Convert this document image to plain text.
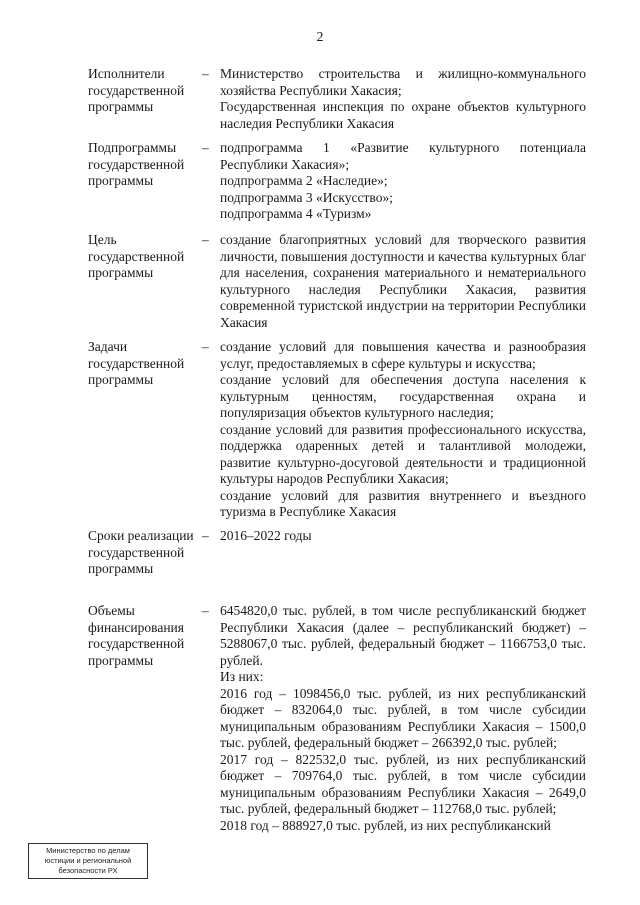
2
Исполнители государственной программы
– Министерство строительства и жилищно-коммунального хозяйства Республики Хакасия;

Государственная инспекция по охране объектов культурного наследия Республики Хакасия

Подпрограммы государственной программы
– подпрограмма 1 «Развитие культурного потенциала Республики Хакасия»;

подпрограмма 2 «Наследие»;

подпрограмма 3 «Искусство»;

подпрограмма 4 «Туризм»

Цель государственной программы
– создание благоприятных условий для творческого развития личности, повышения доступности и качества культурных благ для населения, сохранения материального и нематериального культурного наследия Республики Хакасия, развития современной туристской индустрии на территории Республики Хакасия

Задачи государственной программы
– создание условий для повышения качества и разнообразия услуг, предоставляемых в сфере культуры и искусства;

создание условий для обеспечения доступа населения к культурным ценностям, государственная охрана и популяризация объектов культурного наследия;

создание условий для развития профессионального искусства, поддержка одаренных детей и талантливой молодежи, развитие культурно-досуговой деятельности и традиционной культуры народов Республики Хакасия;

создание условий для развития внутреннего и въездного туризма в Республике Хакасия

Сроки реализации государственной программы
– 2016–2022 годы

Объемы финансирования государственной программы
– 6454820,0 тыс. рублей, в том числе республиканский бюджет Республики Хакасия (далее – республиканский бюджет) – 5288067,0 тыс. рублей, федеральный бюджет – 1166753,0 тыс. рублей.

Из них:

2016 год – 1098456,0 тыс. рублей, из них республиканский бюджет – 832064,0 тыс. рублей, в том числе субсидии муниципальным образованиям Республики Хакасия – 1500,0 тыс. рублей, федеральный бюджет – 266392,0 тыс. рублей;

2017 год – 822532,0 тыс. рублей, из них республиканский бюджет – 709764,0 тыс. рублей, в том числе субсидии муниципальным образованиям Республики Хакасия – 2649,0 тыс. рублей, федеральный бюджет – 112768,0 тыс. рублей;

2018 год – 888927,0 тыс. рублей, из них республиканский

Министерство по делам
юстиции и региональной
безопасности РХ
